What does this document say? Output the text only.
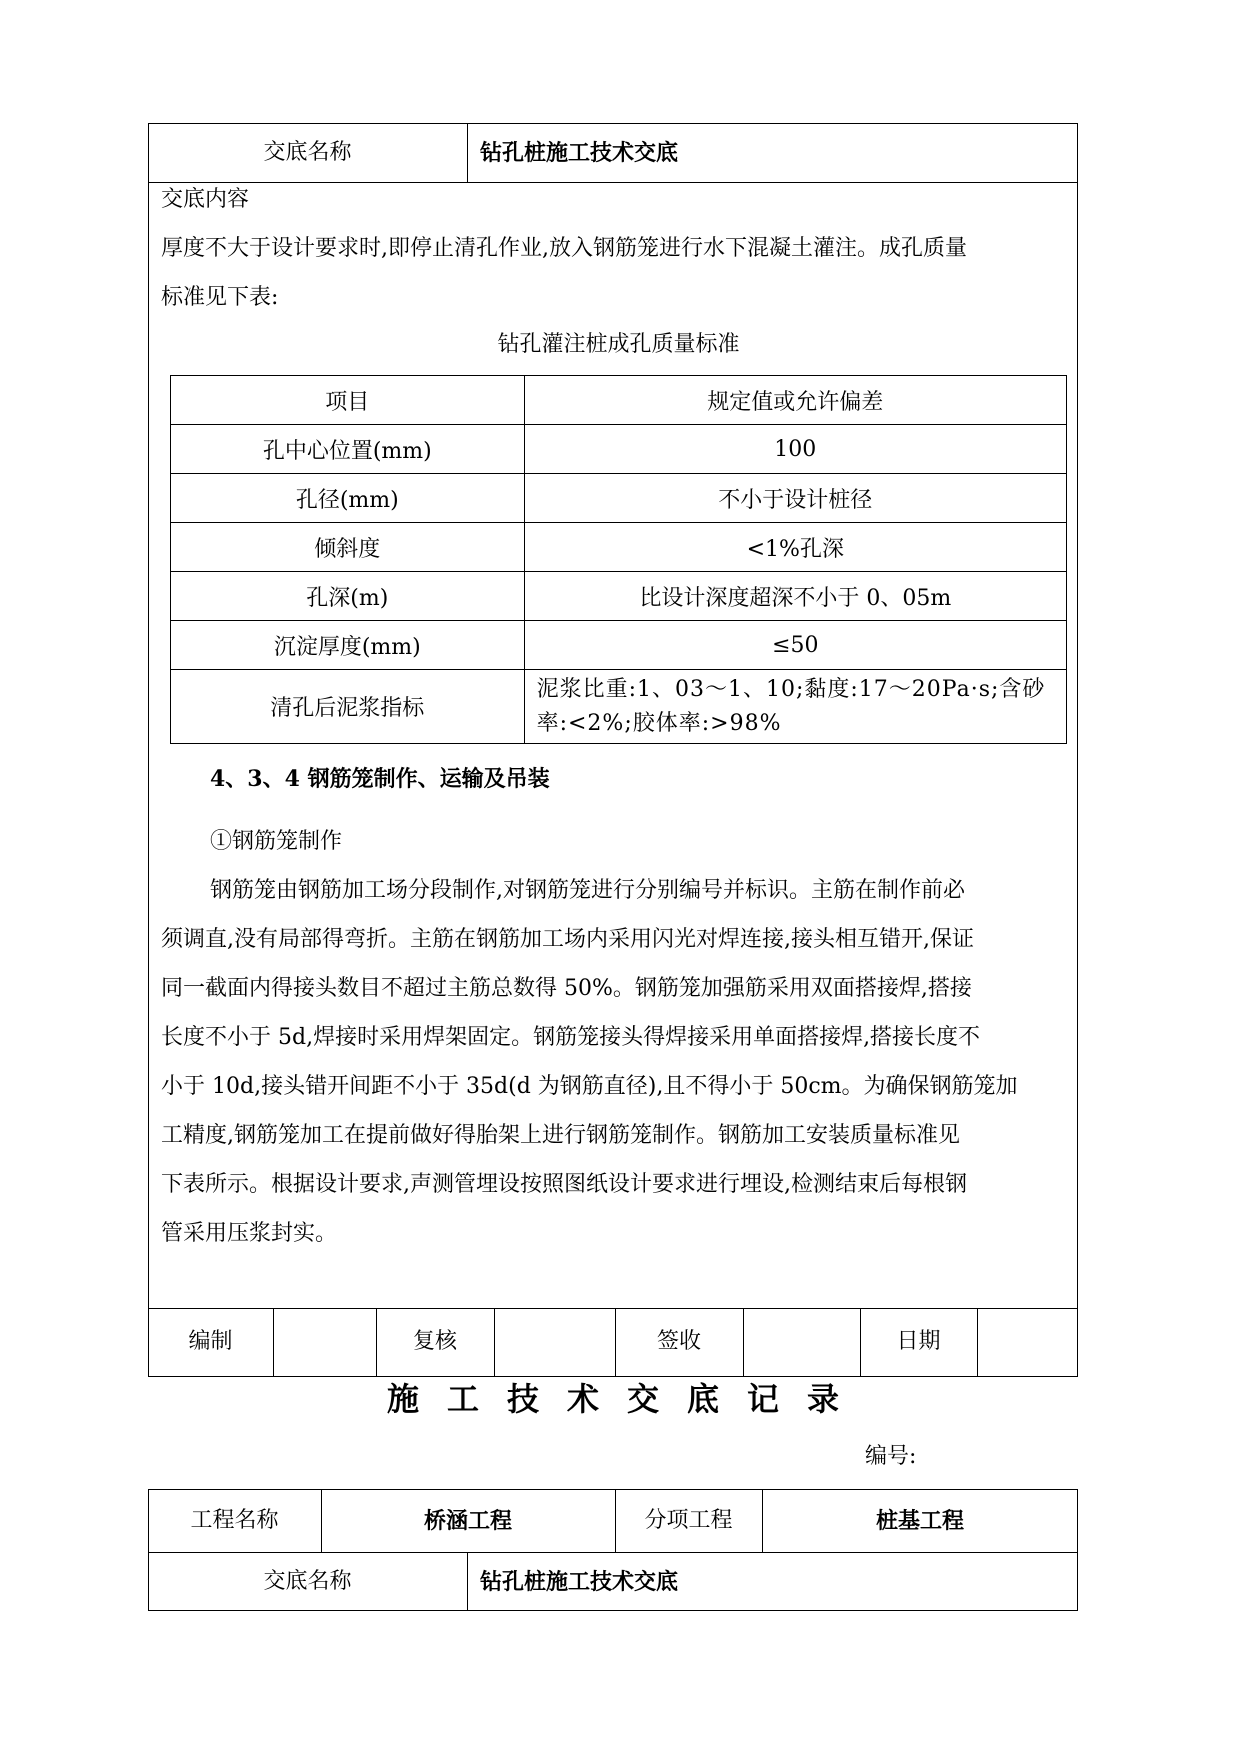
交底名称	钻孔桩施工技术交底
交底内容
厚度不大于设计要求时,即停止清孔作业,放入钢筋笼进行水下混凝土灌注。成孔质量
标准见下表:
钻孔灌注桩成孔质量标准
项目	规定值或允许偏差
孔中心位置(mm)	100
孔径(mm)	不小于设计桩径
倾斜度	<1%孔深
孔深(m)	比设计深度超深不小于 0、05m
沉淀厚度(mm)	≤50
清孔后泥浆指标	泥浆比重:1、03～1、10;黏度:17～20Pa·s;含砂率:<2%;胶体率:>98%
4、3、4 钢筋笼制作、运输及吊装
①钢筋笼制作

钢筋笼由钢筋加工场分段制作,对钢筋笼进行分别编号并标识。主筋在制作前必

须调直,没有局部得弯折。主筋在钢筋加工场内采用闪光对焊连接,接头相互错开,保证

同一截面内得接头数目不超过主筋总数得 50%。钢筋笼加强筋采用双面搭接焊,搭接

长度不小于 5d,焊接时采用焊架固定。钢筋笼接头得焊接采用单面搭接焊,搭接长度不

小于 10d,接头错开间距不小于 35d(d 为钢筋直径),且不得小于 50cm。为确保钢筋笼加

工精度,钢筋笼加工在提前做好得胎架上进行钢筋笼制作。钢筋加工安装质量标准见

下表所示。根据设计要求,声测管埋设按照图纸设计要求进行埋设,检测结束后每根钢

管采用压浆封实。

编制	复核	签收	日期
施工技术交底记录
编号:
工程名称	桥涵工程	分项工程	桩基工程
交底名称	钻孔桩施工技术交底
